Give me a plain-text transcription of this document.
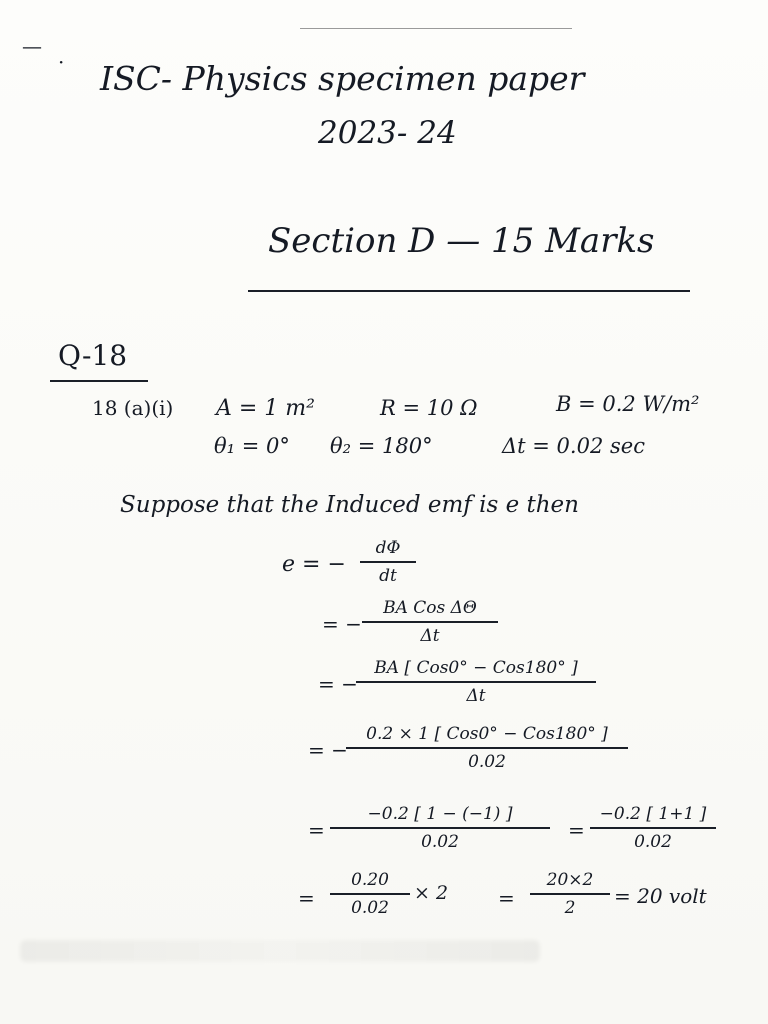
—
· ISC- Physics specimen paper
2023- 24
Section D — 15 Marks
Q-18
18 (a)(i) A = 1 m²	R = 10 Ω	B = 0.2 W/m²
θ₁ = 0° θ₂ = 180°	Δt = 0.02 sec
Suppose that the Induced emf is e then
e = −
dΦ
dt
= −
BA Cos ΔΘ
Δt
= −
BA [ Cos0° − Cos180° ]
Δt
= −
0.2 × 1 [ Cos0° − Cos180° ]
0.02
=
−0.2 [ 1 − (−1) ]
0.02	=
−0.2 [ 1+1 ]
0.02
=
0.20
0.02
× 2 =
20×2
2	= 20 volt
